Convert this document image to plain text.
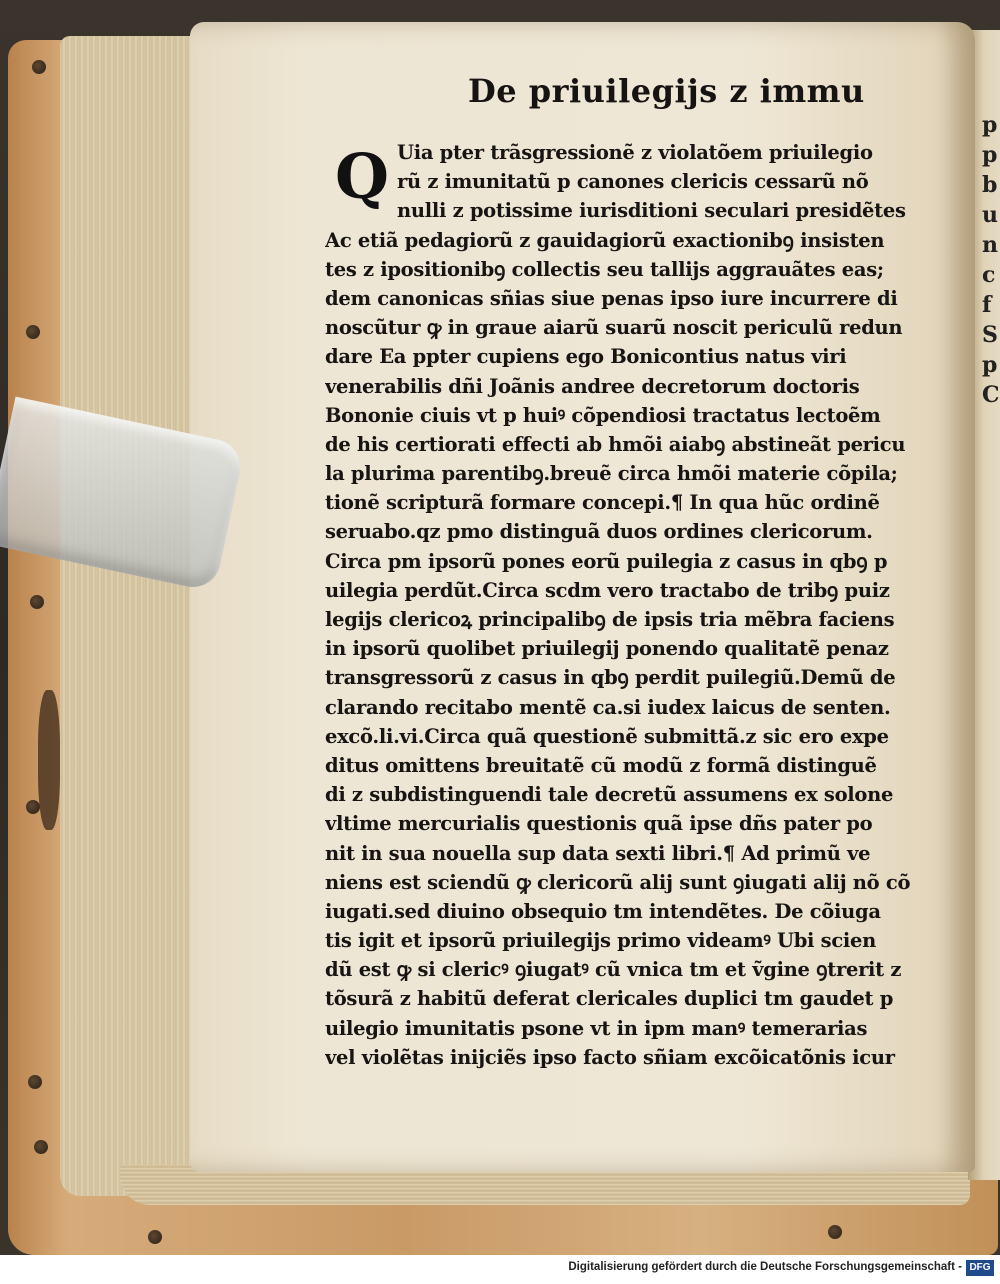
p
p
b
u
n
c
f
S
p
C
De priuilegijs z immu
Q Uia pter trãsgressionẽ z violatõem priuilegio
rũ z imunitatũ p canones clericis cessarũ nõ
nulli z potissime iurisditioni seculari presidẽtes
Ac etiã pedagiorũ z gauidagiorũ exactionibꝯ insisten
tes z ipositionibꝯ collectis seu tallijs aggrauãtes eas;
dem canonicas sñias siue penas ipso iure incurrere di
noscũtur ꝙ in graue aiarũ suarũ noscit periculũ redun
dare Ea ppter cupiens ego Bonicontius natus viri
venerabilis dñi Joãnis andree decretorum doctoris
Bononie ciuis vt p huiꝰ cõpendiosi tractatus lectoẽm
de his certiorati effecti ab hmõi aiabꝯ abstineãt pericu
la plurima parentibꝯ.breuẽ circa hmõi materie cõpila;
tionẽ scripturã formare concepi.¶ In qua hũc ordinẽ
seruabo.qz pmo distinguã duos ordines clericorum.
Circa pm ipsorũ pones eorũ puilegia z casus in qbꝯ p
uilegia perdũt.Circa scdm vero tractabo de tribꝯ puiz
legijs clericoꝝ principalibꝯ de ipsis tria mẽbra faciens
in ipsorũ quolibet priuilegij ponendo qualitatẽ penaz
transgressorũ z casus in qbꝯ perdit puilegiũ.Demũ de
clarando recitabo mentẽ ca.si iudex laicus de senten.
excõ.li.vi.Circa quã questionẽ submittã.z sic ero expe
ditus omittens breuitatẽ cũ modũ z formã distinguẽ
di z subdistinguendi tale decretũ assumens ex solone
vltime mercurialis questionis quã ipse dñs pater po
nit in sua nouella sup data sexti libri.¶ Ad primũ ve
niens est sciendũ ꝙ clericorũ alij sunt ꝯiugati alij nõ cõ
iugati.sed diuino obsequio tm intendẽtes. De cõiuga
tis igit et ipsorũ priuilegijs primo videamꝰ Ubi scien
dũ est ꝙ si clericꝰ ꝯiugatꝰ cũ vnica tm et ṽgine ꝯtrerit z
tõsurã z habitũ deferat clericales duplici tm gaudet p
uilegio imunitatis psone vt in ipm manꝰ temerarias
vel violẽtas inijciẽs ipso facto sñiam excõicatõnis icur
Digitalisierung gefördert durch die Deutsche Forschungsgemeinschaft - DFG
